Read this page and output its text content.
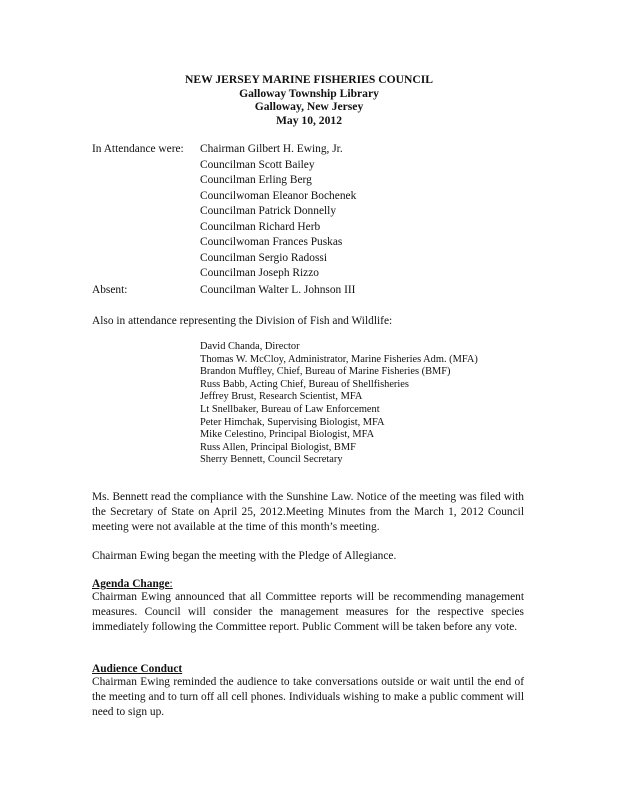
NEW JERSEY MARINE FISHERIES COUNCIL
Galloway Township Library
Galloway, New Jersey
May 10, 2012
In Attendance were: Chairman Gilbert H. Ewing, Jr.
Councilman Scott Bailey
Councilman Erling Berg
Councilwoman Eleanor Bochenek
Councilman Patrick Donnelly
Councilman Richard Herb
Councilwoman Frances Puskas
Councilman Sergio Radossi
Councilman Joseph Rizzo
Absent:	Councilman Walter L. Johnson III
Also in attendance representing the Division of Fish and Wildlife:
David Chanda, Director
Thomas W. McCloy, Administrator, Marine Fisheries Adm. (MFA)
Brandon Muffley, Chief, Bureau of Marine Fisheries (BMF)
Russ Babb, Acting Chief, Bureau of Shellfisheries
Jeffrey Brust, Research Scientist, MFA
Lt Snellbaker, Bureau of Law Enforcement
Peter Himchak, Supervising Biologist, MFA
Mike Celestino, Principal Biologist, MFA
Russ Allen, Principal Biologist, BMF
Sherry Bennett, Council Secretary
Ms. Bennett read the compliance with the Sunshine Law. Notice of the meeting was filed with the Secretary of State on April 25, 2012.Meeting Minutes from the March 1, 2012 Council meeting were not available at the time of this month’s meeting.
Chairman Ewing began the meeting with the Pledge of Allegiance.
Agenda Change:
Chairman Ewing announced that all Committee reports will be recommending management measures. Council will consider the management measures for the respective species immediately following the Committee report. Public Comment will be taken before any vote.
Audience Conduct
Chairman Ewing reminded the audience to take conversations outside or wait until the end of the meeting and to turn off all cell phones. Individuals wishing to make a public comment will need to sign up.
